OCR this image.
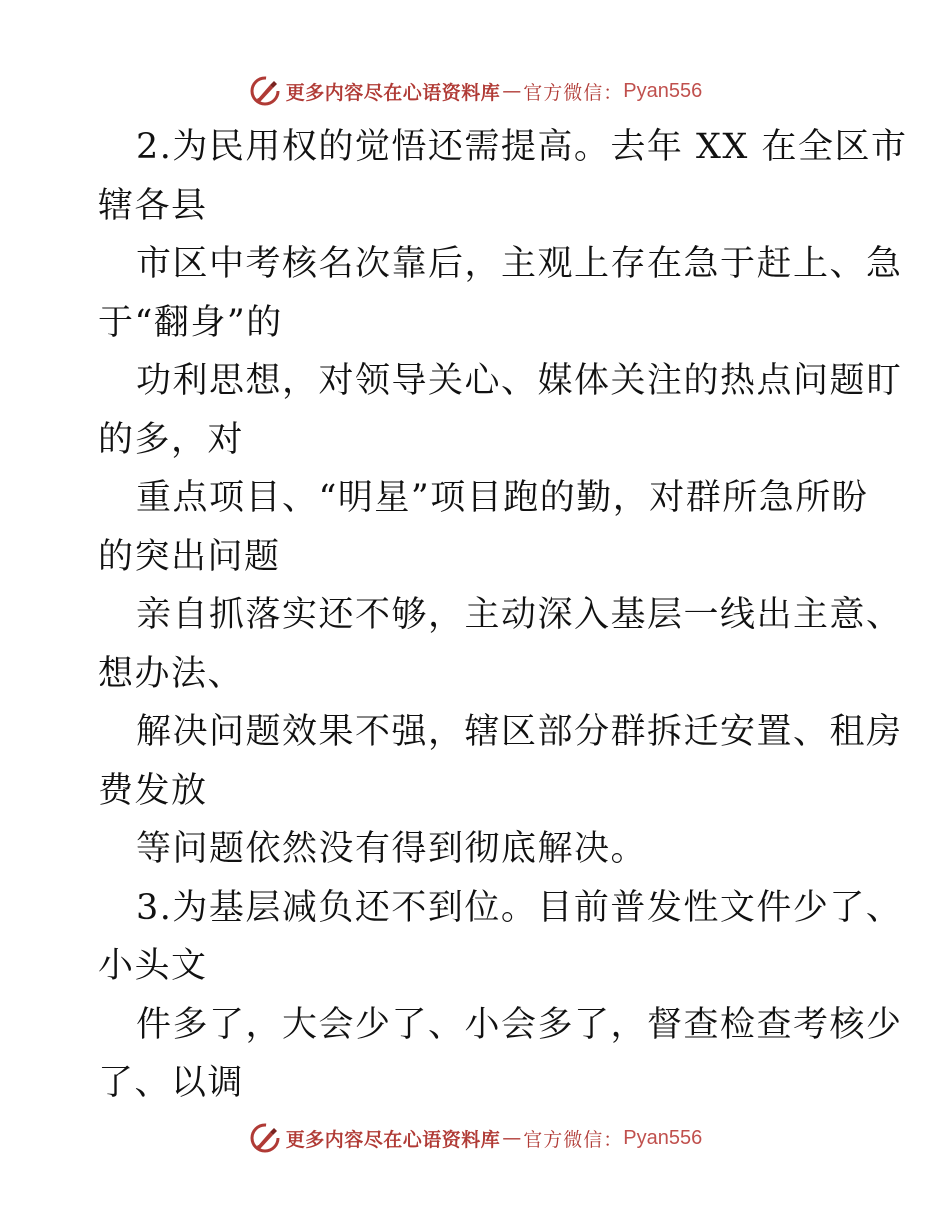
更多内容尽在心语资料库 — 官方微信： Pyan556
2.为民用权的觉悟还需提高。去年 XX 在全区市
辖各县
市区中考核名次靠后，主观上存在急于赶上、急
于“翻身”的
功利思想，对领导关心、媒体关注的热点问题盯
的多，对
重点项目、“明星”项目跑的勤，对群所急所盼
的突出问题
亲自抓落实还不够，主动深入基层一线出主意、
想办法、
解决问题效果不强，辖区部分群拆迁安置、租房
费发放
等问题依然没有得到彻底解决。
3.为基层减负还不到位。目前普发性文件少了、
小头文
件多了，大会少了、小会多了，督查检查考核少
了、以调
更多内容尽在心语资料库 — 官方微信： Pyan556
